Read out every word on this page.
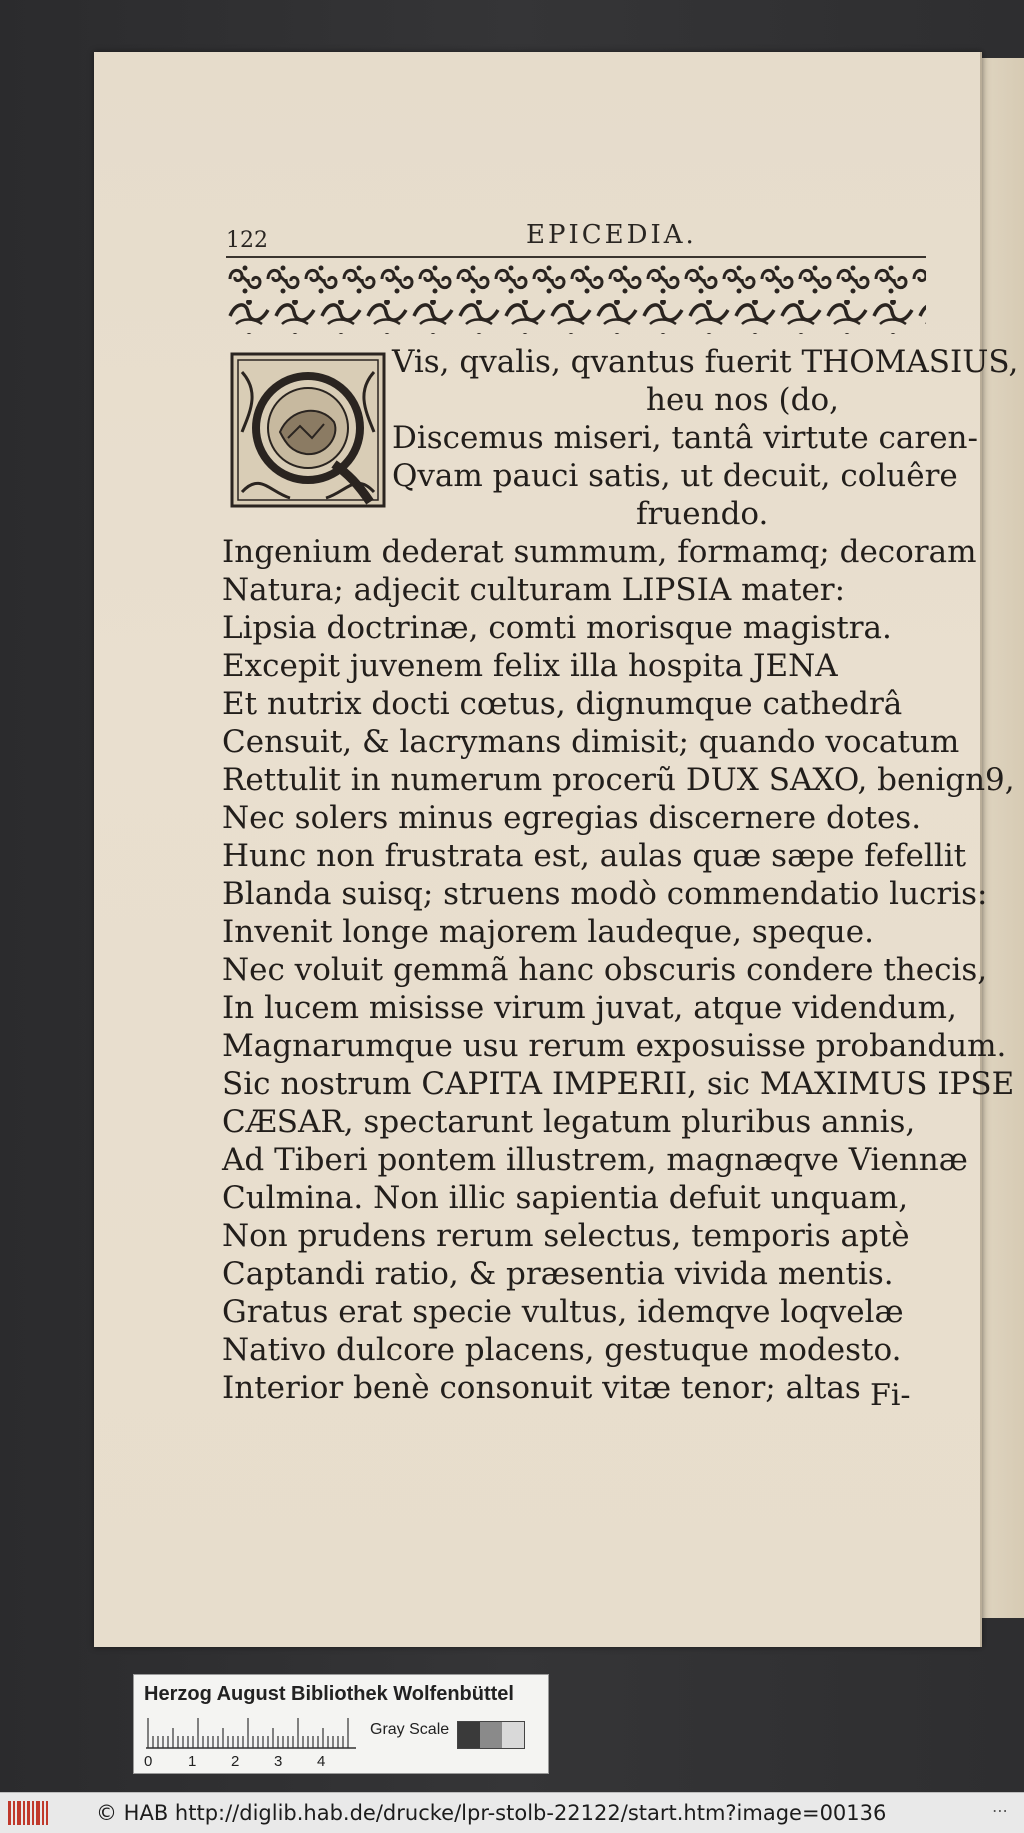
122	EPICEDIA.
Vis, qvalis, qvantus fuerit THOMASIUS,
heu nos (do,
Discemus miseri, tantâ virtute caren-
Qvam pauci satis, ut decuit, coluêre
fruendo.
Ingenium dederat summum, formamq; decoram
Natura; adjecit culturam LIPSIA mater:
Lipsia doctrinæ, comti morisque magistra.
Excepit juvenem felix illa hospita JENA
Et nutrix docti cœtus, dignumque cathedrâ
Censuit, & lacrymans dimisit; quando vocatum
Rettulit in numerum procerũ DUX SAXO, benign9,
Nec solers minus egregias discernere dotes.
Hunc non frustrata est, aulas quæ sæpe fefellit
Blanda suisq; struens modò commendatio lucris:
Invenit longe majorem laudeque, speque.
Nec voluit gemmã hanc obscuris condere thecis,
In lucem misisse virum juvat, atque videndum,
Magnarumque usu rerum exposuisse probandum.
Sic nostrum CAPITA IMPERII, sic MAXIMUS IPSE
CÆSAR, spectarunt legatum pluribus annis,
Ad Tiberi pontem illustrem, magnæqve Viennæ
Culmina. Non illic sapientia defuit unquam,
Non prudens rerum selectus, temporis aptè
Captandi ratio, & præsentia vivida mentis.
Gratus erat specie vultus, idemqve loqvelæ
Nativo dulcore placens, gestuque modesto.
Interior benè consonuit vitæ tenor; altas Fi-
Herzog August Bibliothek Wolfenbüttel
0 1 2 3 4
Gray Scale
© HAB http://diglib.hab.de/drucke/lpr-stolb-22122/start.htm?image=00136	⋯
